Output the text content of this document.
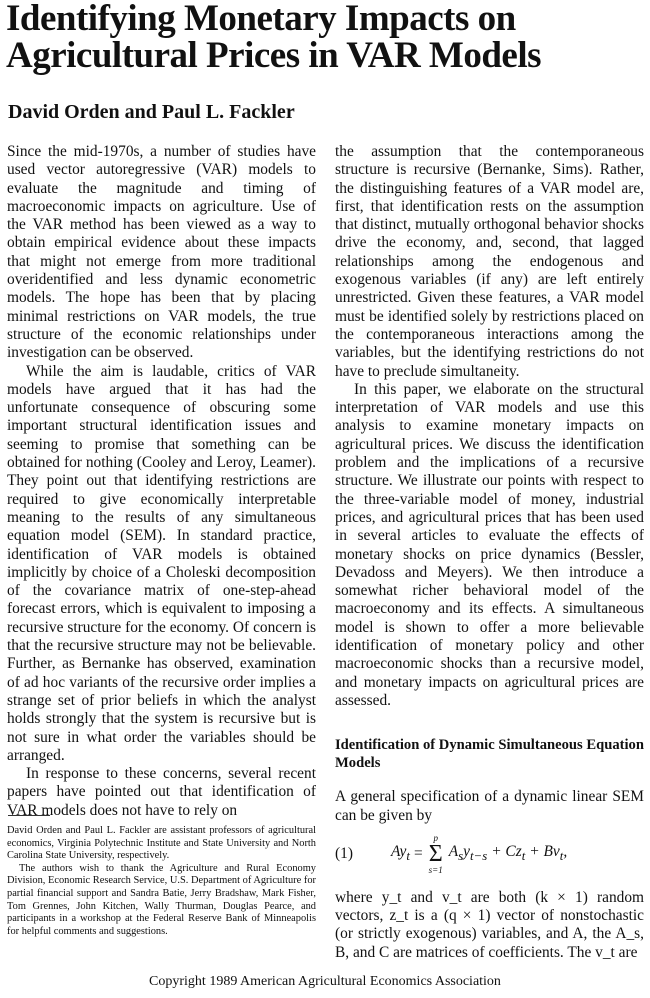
Identifying Monetary Impacts on Agricultural Prices in VAR Models
David Orden and Paul L. Fackler

Since the mid-1970s, a number of studies have used vector autoregressive (VAR) models to evaluate the magnitude and timing of macroeconomic impacts on agriculture. Use of the VAR method has been viewed as a way to obtain empirical evidence about these impacts that might not emerge from more traditional overidentified and less dynamic econometric models. The hope has been that by placing minimal restrictions on VAR models, the true structure of the economic relationships under investigation can be observed.

While the aim is laudable, critics of VAR models have argued that it has had the unfortunate consequence of obscuring some important structural identification issues and seeming to promise that something can be obtained for nothing (Cooley and Leroy, Leamer). They point out that identifying restrictions are required to give economically interpretable meaning to the results of any simultaneous equation model (SEM). In standard practice, identification of VAR models is obtained implicitly by choice of a Choleski decomposition of the covariance matrix of one-step-ahead forecast errors, which is equivalent to imposing a recursive structure for the economy. Of concern is that the recursive structure may not be believable. Further, as Bernanke has observed, examination of ad hoc variants of the recursive order implies a strange set of prior beliefs in which the analyst holds strongly that the system is recursive but is not sure in what order the variables should be arranged.

In response to these concerns, several recent papers have pointed out that identification of VAR models does not have to rely on

David Orden and Paul L. Fackler are assistant professors of agricultural economics, Virginia Polytechnic Institute and State University and North Carolina State University, respectively.

The authors wish to thank the Agriculture and Rural Economy Division, Economic Research Service, U.S. Department of Agriculture for partial financial support and Sandra Batie, Jerry Bradshaw, Mark Fisher, Tom Grennes, John Kitchen, Wally Thurman, Douglas Pearce, and participants in a workshop at the Federal Reserve Bank of Minneapolis for helpful comments and suggestions.

the assumption that the contemporaneous structure is recursive (Bernanke, Sims). Rather, the distinguishing features of a VAR model are, first, that identification rests on the assumption that distinct, mutually orthogonal behavior shocks drive the economy, and, second, that lagged relationships among the endogenous and exogenous variables (if any) are left entirely unrestricted. Given these features, a VAR model must be identified solely by restrictions placed on the contemporaneous interactions among the variables, but the identifying restrictions do not have to preclude simultaneity.

In this paper, we elaborate on the structural interpretation of VAR models and use this analysis to examine monetary impacts on agricultural prices. We discuss the identification problem and the implications of a recursive structure. We illustrate our points with respect to the three-variable model of money, industrial prices, and agricultural prices that has been used in several articles to evaluate the effects of monetary shocks on price dynamics (Bessler, Devadoss and Meyers). We then introduce a somewhat richer behavioral model of the macroeconomy and its effects. A simultaneous model is shown to offer a more believable identification of monetary policy and other macroeconomic shocks than a recursive model, and monetary impacts on agricultural prices are assessed.

Identification of Dynamic Simultaneous Equation Models

A general specification of a dynamic linear SEM can be given by

(1)	$Ay_t$ =
p
Σ
s=1
$A_sy_{t-s} + Cz_t + Bv_t$,

where y_t and v_t are both (k × 1) random vectors, z_t is a (q × 1) vector of nonstochastic (or strictly exogenous) variables, and A, the A_s, B, and C are matrices of coefficients. The v_t are

Copyright 1989 American Agricultural Economics Association
